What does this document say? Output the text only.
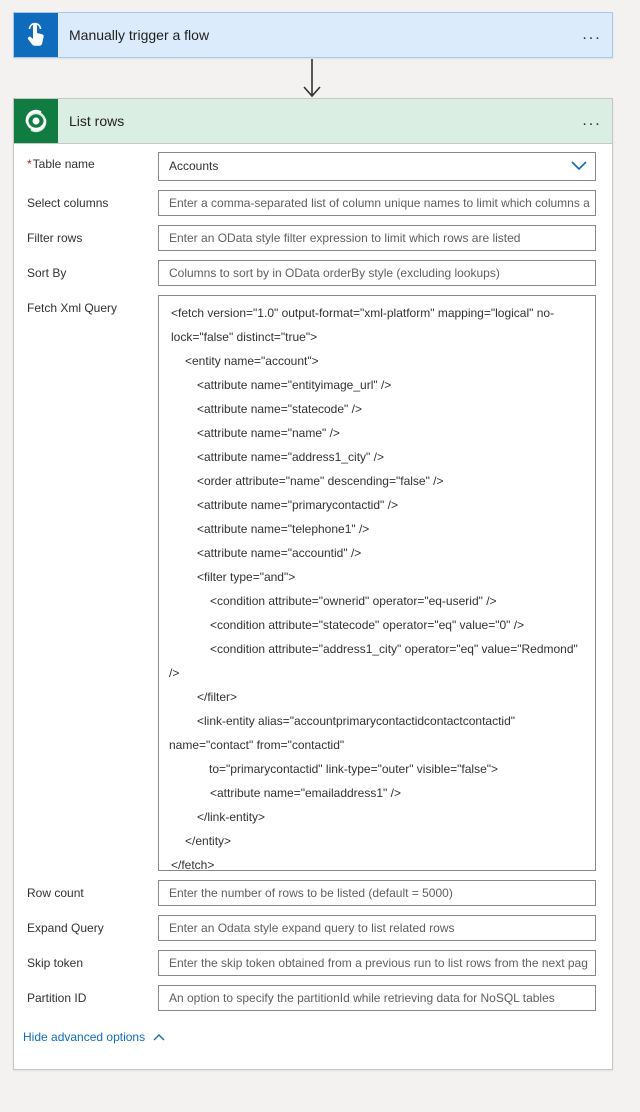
Manually trigger a flow	...
List rows	...
*Table name	Accounts
Select columns	Enter a comma-separated list of column unique names to limit which columns a
Filter rows	Enter an OData style filter expression to limit which rows are listed
Sort By	Columns to sort by in OData orderBy style (excluding lookups)
Fetch Xml Query	<fetch version="1.0" output-format="xml-platform" mapping="logical" no-
lock="false" distinct="true">
<entity name="account">
<attribute name="entityimage_url" />
<attribute name="statecode" />
<attribute name="name" />
<attribute name="address1_city" />
<order attribute="name" descending="false" />
<attribute name="primarycontactid" />
<attribute name="telephone1" />
<attribute name="accountid" />
<filter type="and">
<condition attribute="ownerid" operator="eq-userid" />
<condition attribute="statecode" operator="eq" value="0" />
<condition attribute="address1_city" operator="eq" value="Redmond"
/>
</filter>
<link-entity alias="accountprimarycontactidcontactcontactid"
name="contact" from="contactid"
to="primarycontactid" link-type="outer" visible="false">
<attribute name="emailaddress1" />
</link-entity>
</entity>
</fetch>
Row count	Enter the number of rows to be listed (default = 5000)
Expand Query	Enter an Odata style expand query to list related rows
Skip token	Enter the skip token obtained from a previous run to list rows from the next pag
Partition ID	An option to specify the partitionId while retrieving data for NoSQL tables
Hide advanced options
